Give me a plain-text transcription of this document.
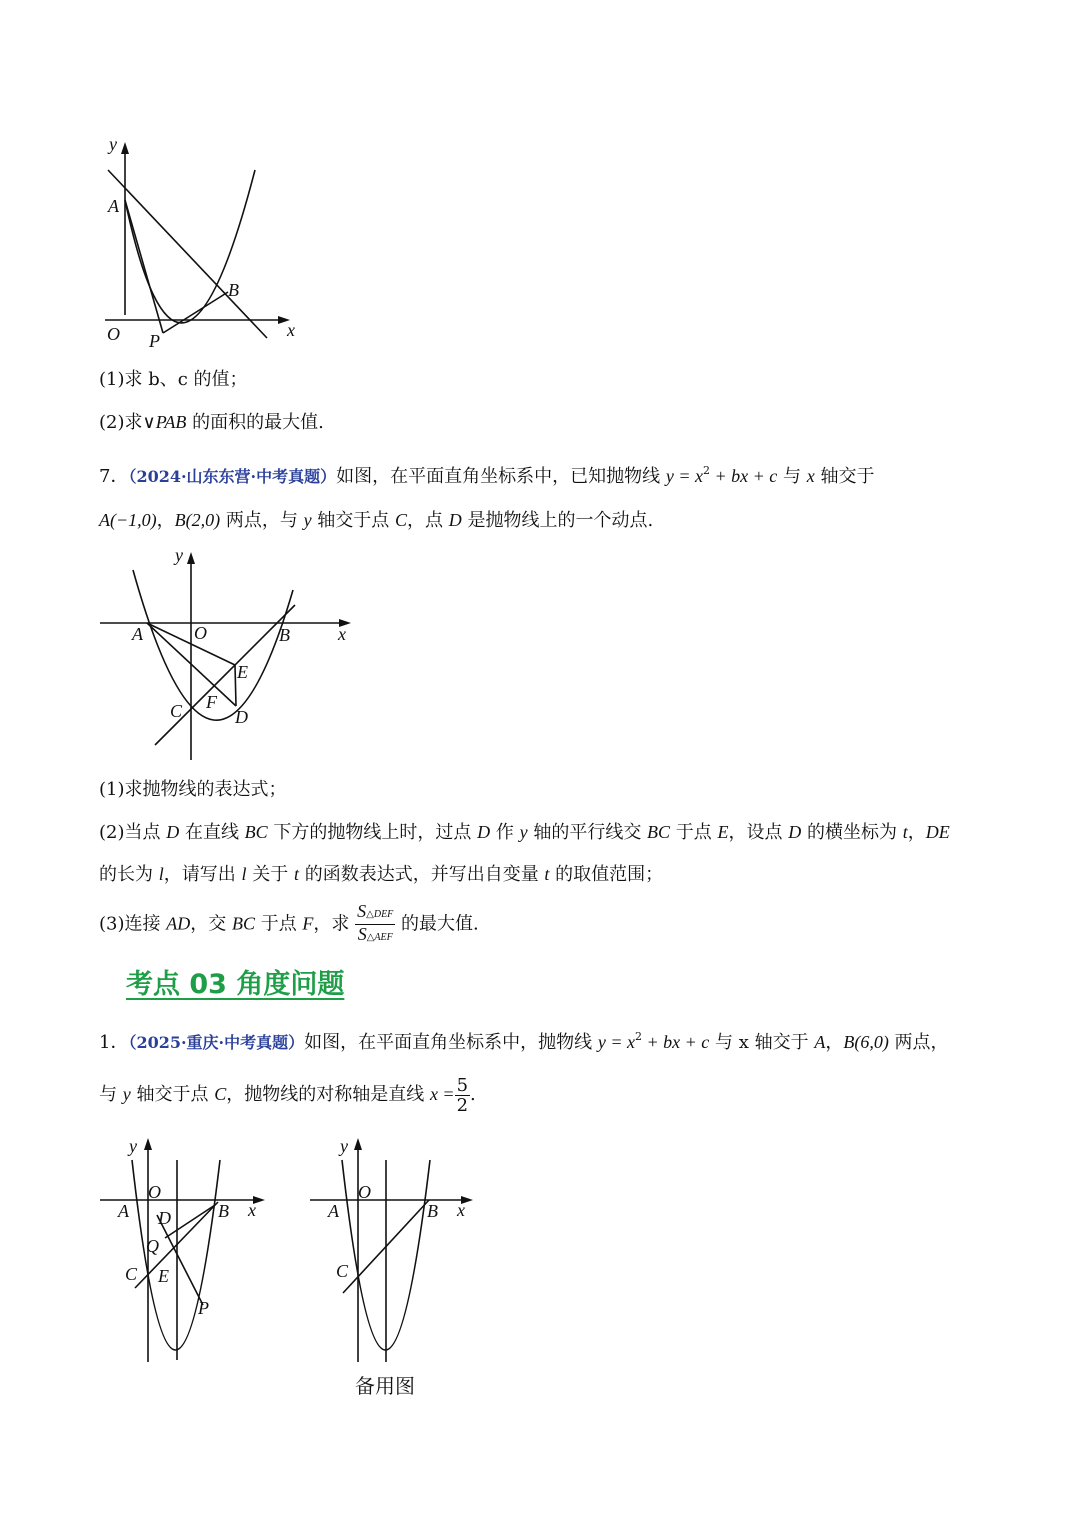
y
x
A
B
O P
(1)求 b、c 的值；
(2)求∨PAB 的面积的最大值.
7．（2024·山东东营·中考真题）如图，在平面直角坐标系中，已知抛物线 $y = x^2$ + bx + c 与 x 轴交于
A(−1,0)，B(2,0) 两点，与 y 轴交于点 C，点 D 是抛物线上的一个动点.
y
x
A	O	B
E
F
C	D
(1)求抛物线的表达式；
(2)当点 D 在直线 BC 下方的抛物线上时，过点 D 作 y 轴的平行线交 BC 于点 E，设点 D 的横坐标为 t，DE
的长为 l，请写出 l 关于 t 的函数表达式，并写出自变量 t 的取值范围；
(3)连接 AD，交 BC 于点 F，求 $\frac{\text{S△DEF}}{\text{S△AEF}}$ 的最大值.
考点 03 角度问题
1．（2025·重庆·中考真题）如图，在平面直角坐标系中，抛物线 $y = x^2$ + bx + c 与 x 轴交于 A，B(6,0) 两点，
与 y 轴交于点 C，抛物线的对称轴是直线 $x = \frac{5}{2}$ .
y
x
O
A	B
D
Q
C E
P
y
x
O
A	B
C
备用图
